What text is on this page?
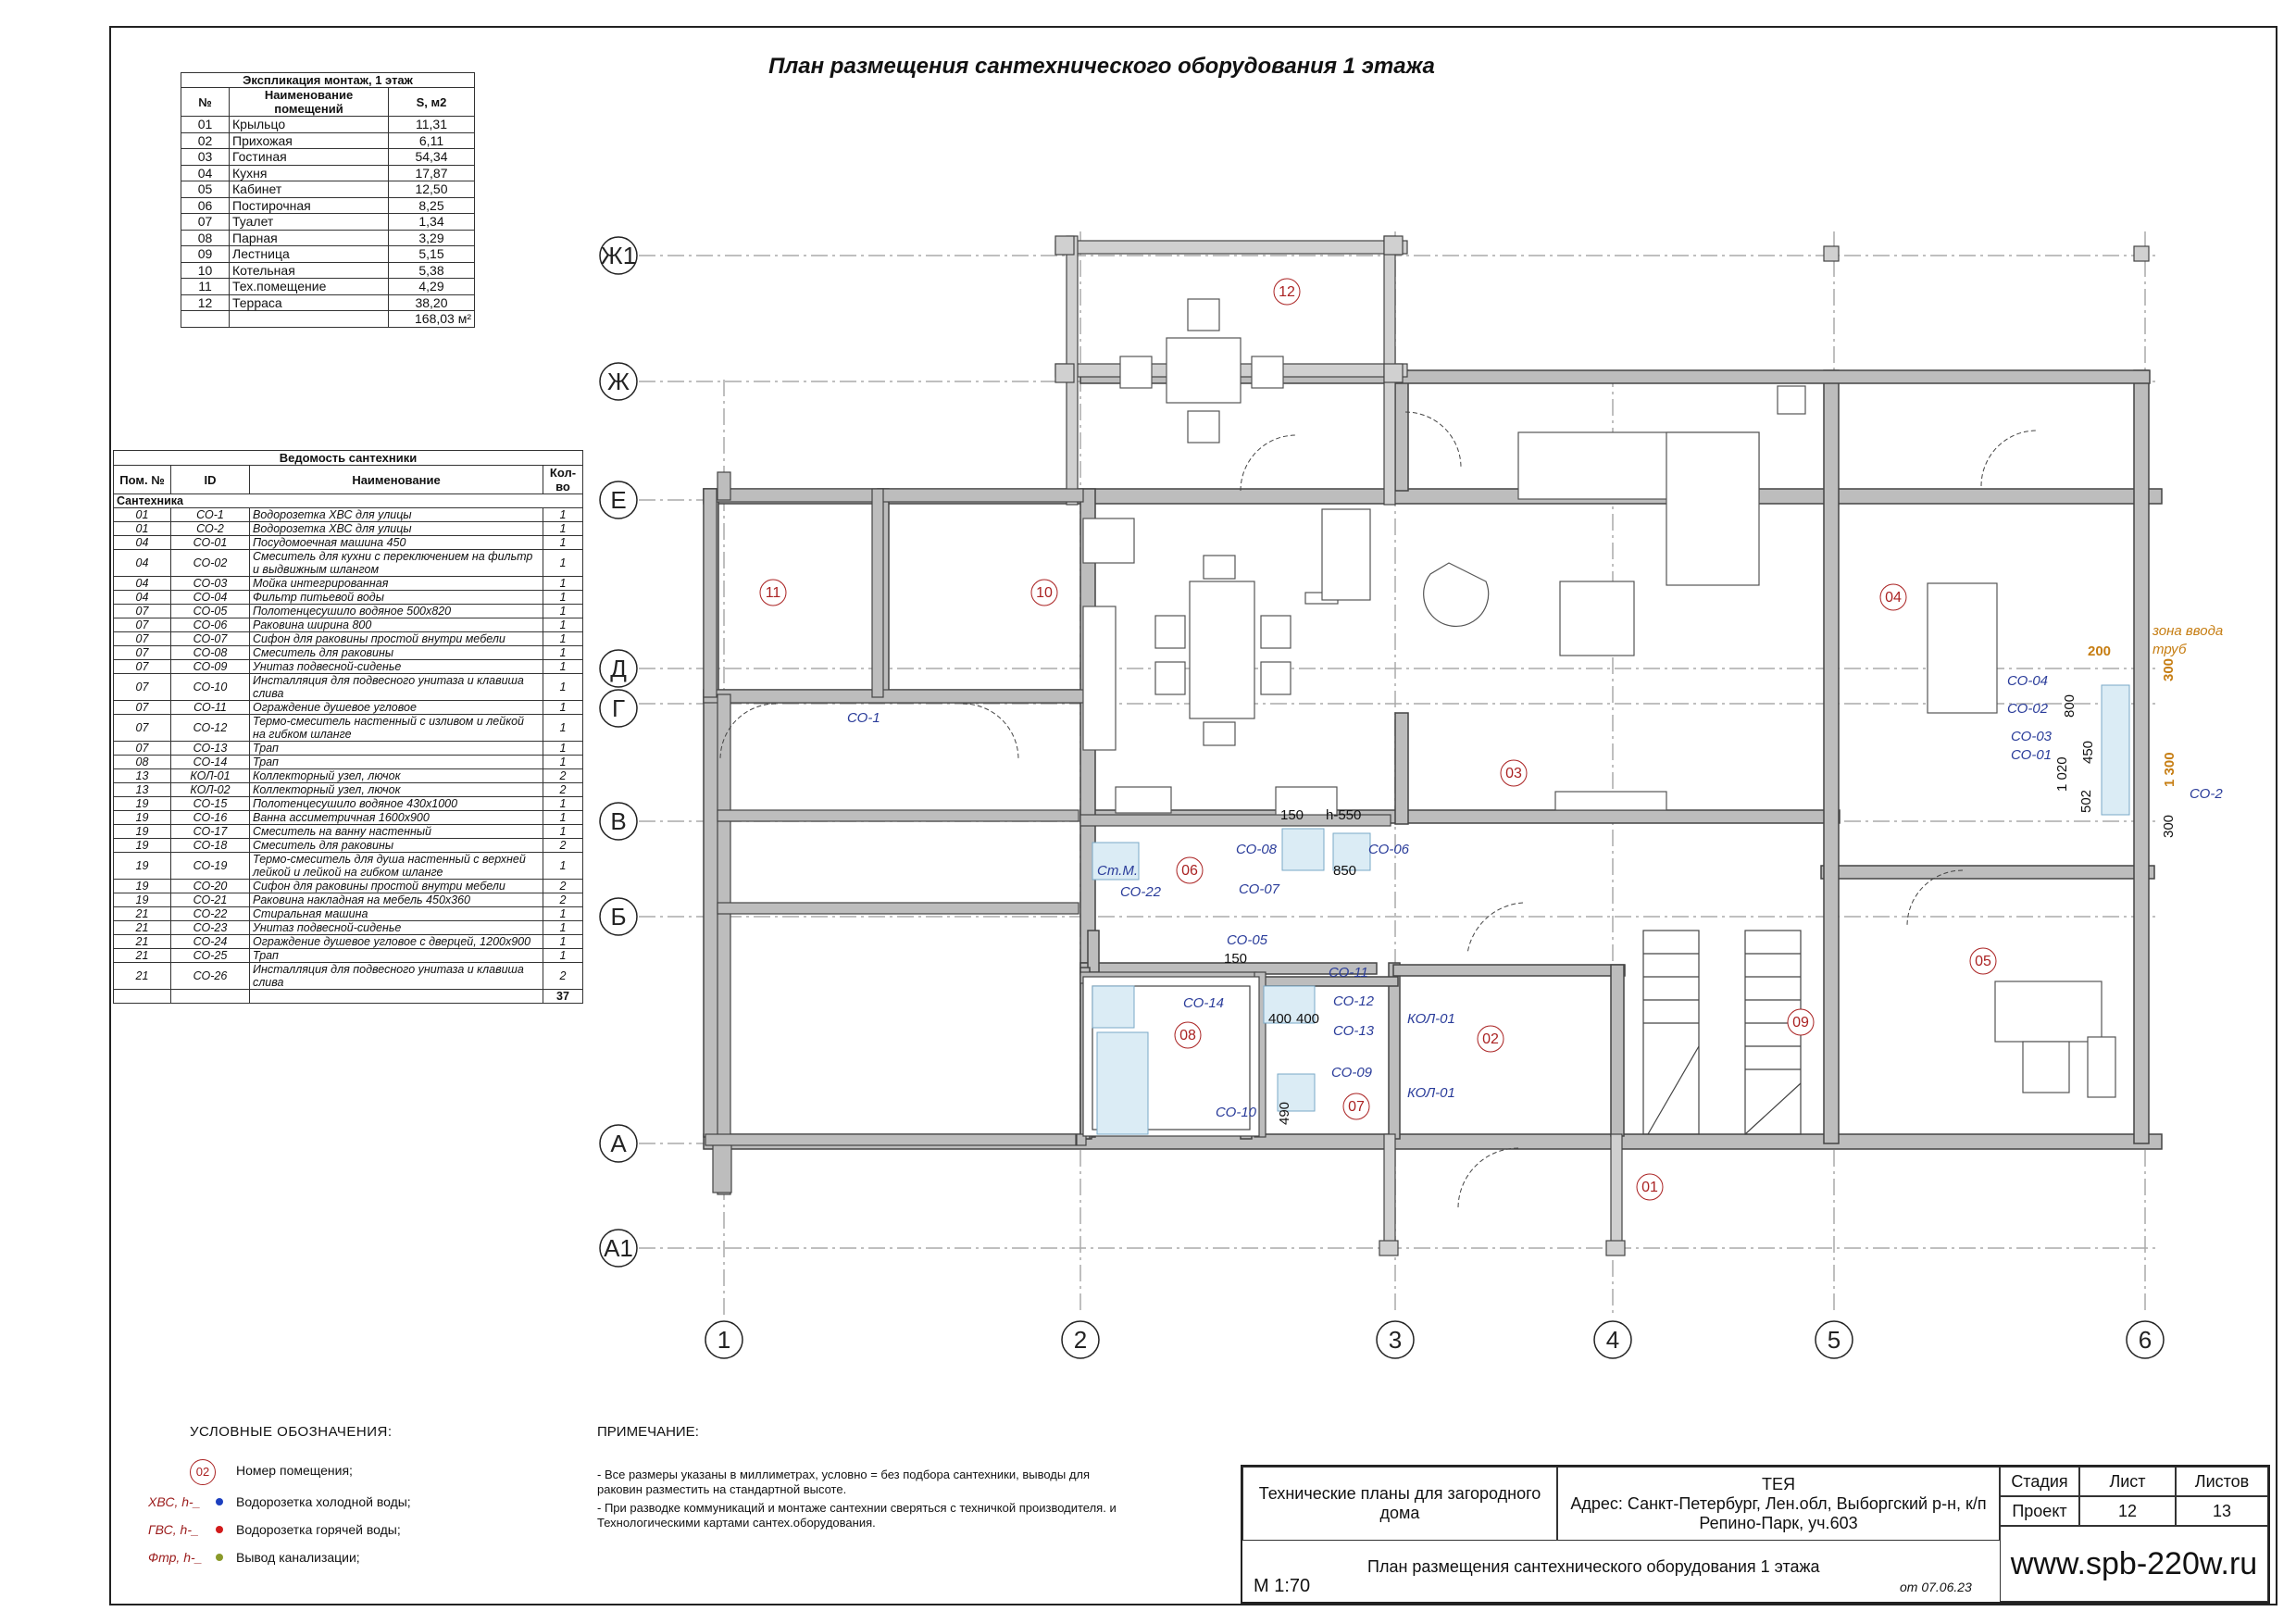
План размещения сантехнического оборудования 1 этажа
Экспликация монтаж, 1 этаж		
№	Наименование помещений	S, м2
01	Крыльцо	11,31
02	Прихожая	6,11
03	Гостиная	54,34
04	Кухня	17,87
05	Кабинет	12,50
06	Постирочная	8,25
07	Туалет	1,34
08	Парная	3,29
09	Лестница	5,15
10	Котельная	5,38
11	Тех.помещение	4,29
12	Терраса	38,20
		168,03 м²
Ведомость сантехники			
Пом. №	ID	Наименование	Кол-во
Сантехника			
01	СО-1	Водорозетка ХВС для улицы	1
01	СО-2	Водорозетка ХВС для улицы	1
04	СО-01	Посудомоечная машина 450	1
04	СО-02	Смеситель для кухни с переключением на фильтр и выдвижным шлангом	1
04	СО-03	Мойка интегрированная	1
04	СО-04	Фильтр питьевой воды	1
07	СО-05	Полотенцесушило водяное 500х820	1
07	СО-06	Раковина ширина 800	1
07	СО-07	Сифон для раковины простой внутри мебели	1
07	СО-08	Смеситель для раковины	1
07	СО-09	Унитаз подвесной-сиденье	1
07	СО-10	Инсталляция для подвесного унитаза и клавиша слива	1
07	СО-11	Ограждение душевое угловое	1
07	СО-12	Термо-смеситель настенный с изливом и лейкой на гибком шланге	1
07	СО-13	Трап	1
08	СО-14	Трап	1
13	КОЛ-01	Коллекторный узел, лючок	2
13	КОЛ-02	Коллекторный узел, лючок	2
19	СО-15	Полотенцесушило водяное 430х1000	1
19	СО-16	Ванна ассиметричная 1600х900	1
19	СО-17	Смеситель на ванну настенный	1
19	СО-18	Смеситель для раковины	2
19	СО-19	Термо-смеситель для душа настенный с верхней лейкой и лейкой на гибком шланге	1
19	СО-20	Сифон для раковины простой внутри мебели	2
19	СО-21	Раковина накладная на мебель 450х360	2
21	СО-22	Стиральная машина	1
21	СО-23	Унитаз подвесной-сиденье	1
21	СО-24	Ограждение душевое угловое с дверцей, 1200х900	1
21	СО-25	Трап	1
21	СО-26	Инсталляция для подвесного унитаза и клавиша слива	2
			37
Ж1
Ж
Е
Д
Г
В
Б
А
А1
1	2	3	4	5	6
12
11	10
03
04
06
02
05
08
07
09
01
СО-1
СО-2
СО-04
СО-02
СО-03
СО-01
СО-08	СО-06
СО-07
СО-22
Ст.М.
СО-05
СО-11
СО-12
СО-13
СО-14
СО-09
СО-10
КОЛ-01
КОЛ-01
150 h-550
850
150
400 400
490
200
800
450
1 020
502
300
1 300
300
зона ввода
труб
УСЛОВНЫЕ ОБОЗНАЧЕНИЯ:
02 Номер помещения;
ХВС, h-_	Водорозетка холодной воды;
ГВС, h-_	Водорозетка горячей воды;
Фтр, h-_	Вывод канализации;
ПРИМЕЧАНИЕ:

- Все размеры указаны в миллиметрах, условно = без подбора сантехники, выводы для раковин разместить на стандартной высоте.

- При разводке коммуникаций и монтаже сантехнии сверяться с техничкой производителя. и Технологическими картами сантех.оборудования.

Технические планы для загородного дома
ТЕЯ
Адрес: Санкт-Петербург, Лен.обл, Выборгский р-н, к/п Репино-Парк, уч.603
Стадия	Лист	Листов
Проект	12	13
План размещения сантехнического оборудования 1 этажа
М 1:70	от 07.06.23
www.spb-220w.ru
